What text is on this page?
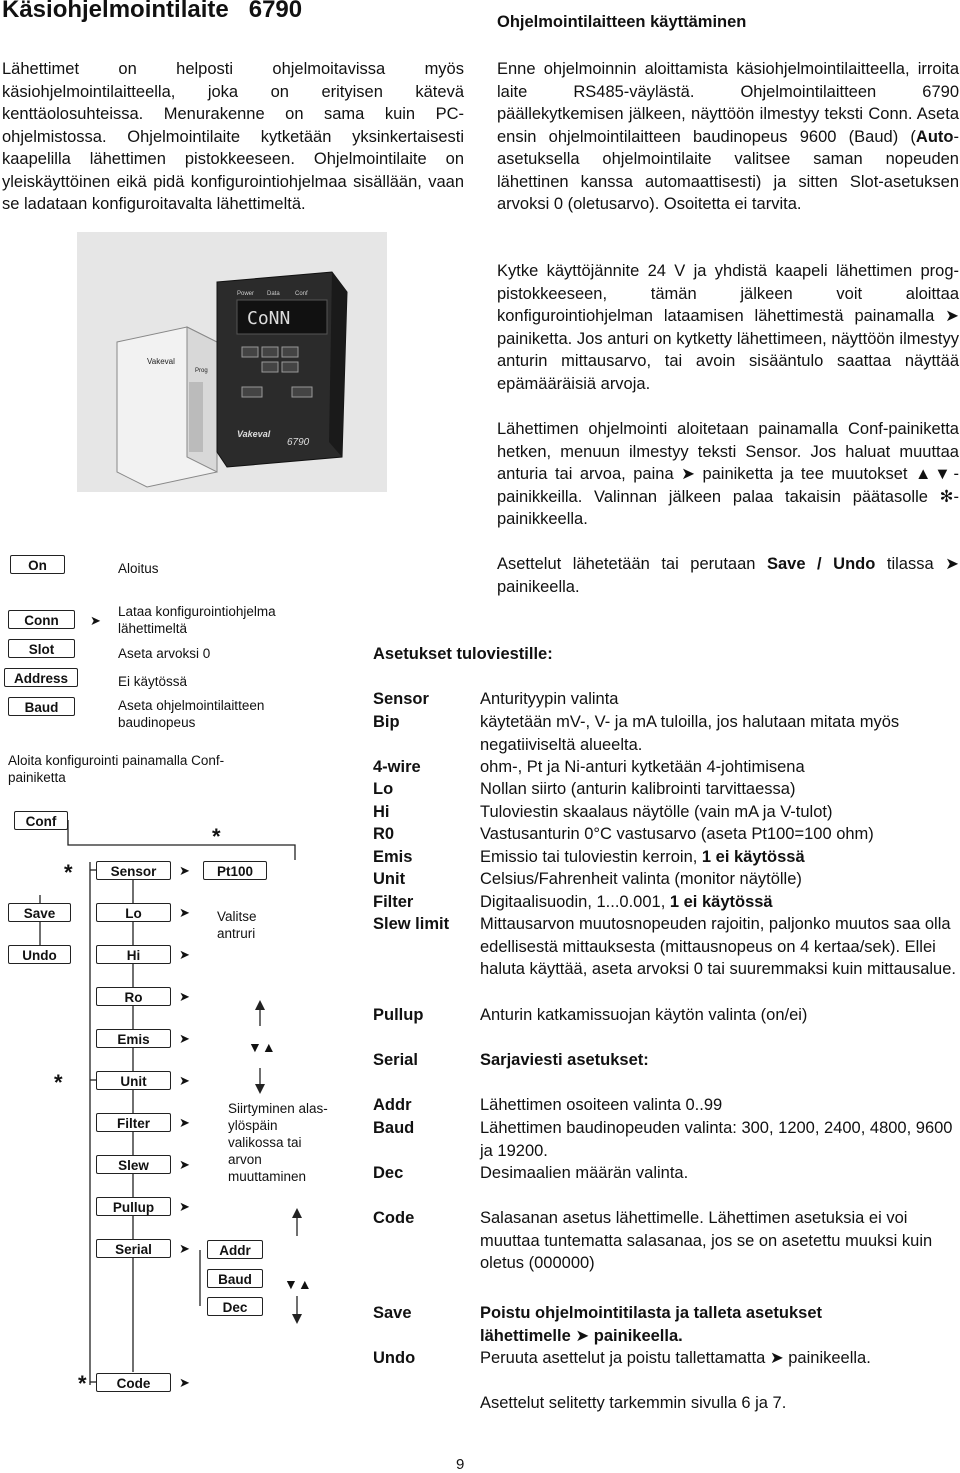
Käsiohjelmointilaite   6790

Lähettimet on helposti ohjelmoitavissa myös käsiohjelmointilaitteella, joka on erityisen kätevä kenttäolosuhteissa. Menurakenne on sama kuin PC-ohjelmistossa. Ohjelmointilaite kytketään yksinkertaisesti kaapelilla lähettimen pistokkeeseen. Ohjelmointilaite on yleiskäyttöinen eikä pidä konfigurointiohjelmaa sisällään, vaan se ladataan konfiguroitavalta lähettimeltä.

Vakeval
Prog
CoNN
Power Data	Conf
6790
Vakeval
Ohjelmointilaitteen käyttäminen

Enne ohjelmoinnin aloittamista käsiohjelmointilaitteella, irroita laite RS485-väylästä. Ohjelmointilaitteen 6790 päällekytkemisen jälkeen, näyttöön ilmestyy teksti Conn. Aseta ensin ohjelmointilaitteen baudinopeus 9600 (Baud) (Auto-asetuksella ohjelmointilaite valitsee saman nopeuden lähettinen kanssa automaattisesti) ja sitten Slot-asetuksen arvoksi 0 (oletusarvo). Osoitetta ei tarvita.

Kytke käyttöjännite 24 V ja yhdistä kaapeli lähettimen prog-pistokkeeseen, tämän jälkeen voit aloittaa konfigurointiohjelman lataamisen lähettimestä painamalla ➤ painiketta. Jos anturi on kytketty lähettimeen, näyttöön ilmestyy anturin mittausarvo, tai avoin sisääntulo saattaa näyttää epämääräisiä arvoja.

Lähettimen ohjelmointi aloitetaan painamalla Conf-painiketta hetken, menuun ilmestyy teksti Sensor. Jos haluat muuttaa anturia tai arvoa, paina ➤ painiketta ja tee muutokset ▲▼-painikkeilla. Valinnan jälkeen palaa takaisin päätasolle ✻-painikkeella.

Asettelut lähetetään tai perutaan Save / Undo tilassa ➤ painikeella.

On	Aloitus
Conn	➤
Lataa konfigurointiohjelma lähettimeltä
Slot	Aseta arvoksi 0
Address	Ei käytössä
Baud	Aseta ohjelmointilaitteen baudinopeus
Aloita konfigurointi painamalla Conf-painiketta
Conf
Save
Undo
*
*
*
*
Sensor
Lo
Hi
Ro
Emis
Unit
Filter
Slew
Pullup
Serial
Code
➤
➤
➤
➤
➤
➤
➤
➤
➤
➤
➤
Pt100
Valitse antruri
▼▲
Siirtyminen alas-ylöspäin valikossa tai arvon muuttaminen
Addr
Baud
Dec
▼▲
Asetukset tuloviestille:
Sensor	Anturityypin valinta
Bip	käytetään mV-, V- ja mA tuloilla, jos halutaan mitata myös negatiiviseltä alueelta.
4-wire	ohm-, Pt ja Ni-anturi kytketään 4-johtimisena
Lo	Nollan siirto (anturin kalibrointi tarvittaessa)
Hi	Tuloviestin skaalaus näytölle (vain mA ja V-tulot)
R0	Vastusanturin 0°C vastusarvo (aseta Pt100=100 ohm)
Emis	Emissio tai tuloviestin kerroin, 1 ei käytössä
Unit	Celsius/Fahrenheit valinta (monitor näytölle)
Filter	Digitaalisuodin, 1...0.001, 1 ei käytössä
Slew limit Mittausarvon muutosnopeuden rajoitin, paljonko muutos saa olla edellisestä mittauksesta (mittausnopeus on 4 kertaa/sek). Ellei haluta käyttää, aseta arvoksi 0 tai suuremmaksi kuin mittausalue.
Pullup	Anturin katkamissuojan käytön valinta (on/ei)
Serial	Sarjaviesti asetukset:
Addr	Lähettimen osoiteen valinta 0..99
Baud	Lähettimen baudinopeuden valinta: 300, 1200, 2400, 4800, 9600 ja 19200.
Dec	Desimaalien määrän valinta.
Code	Salasanan asetus lähettimelle. Lähettimen asetuksia ei voi muuttaa tuntematta salasanaa, jos se on asetettu muuksi kuin oletus (000000)
Save	Poistu ohjelmointitilasta ja talleta asetukset lähettimelle ➤ painikeella.
Undo	Peruuta asettelut ja poistu tallettamatta ➤ painikeella.
Asettelut selitetty tarkemmin sivulla 6 ja 7.
9
